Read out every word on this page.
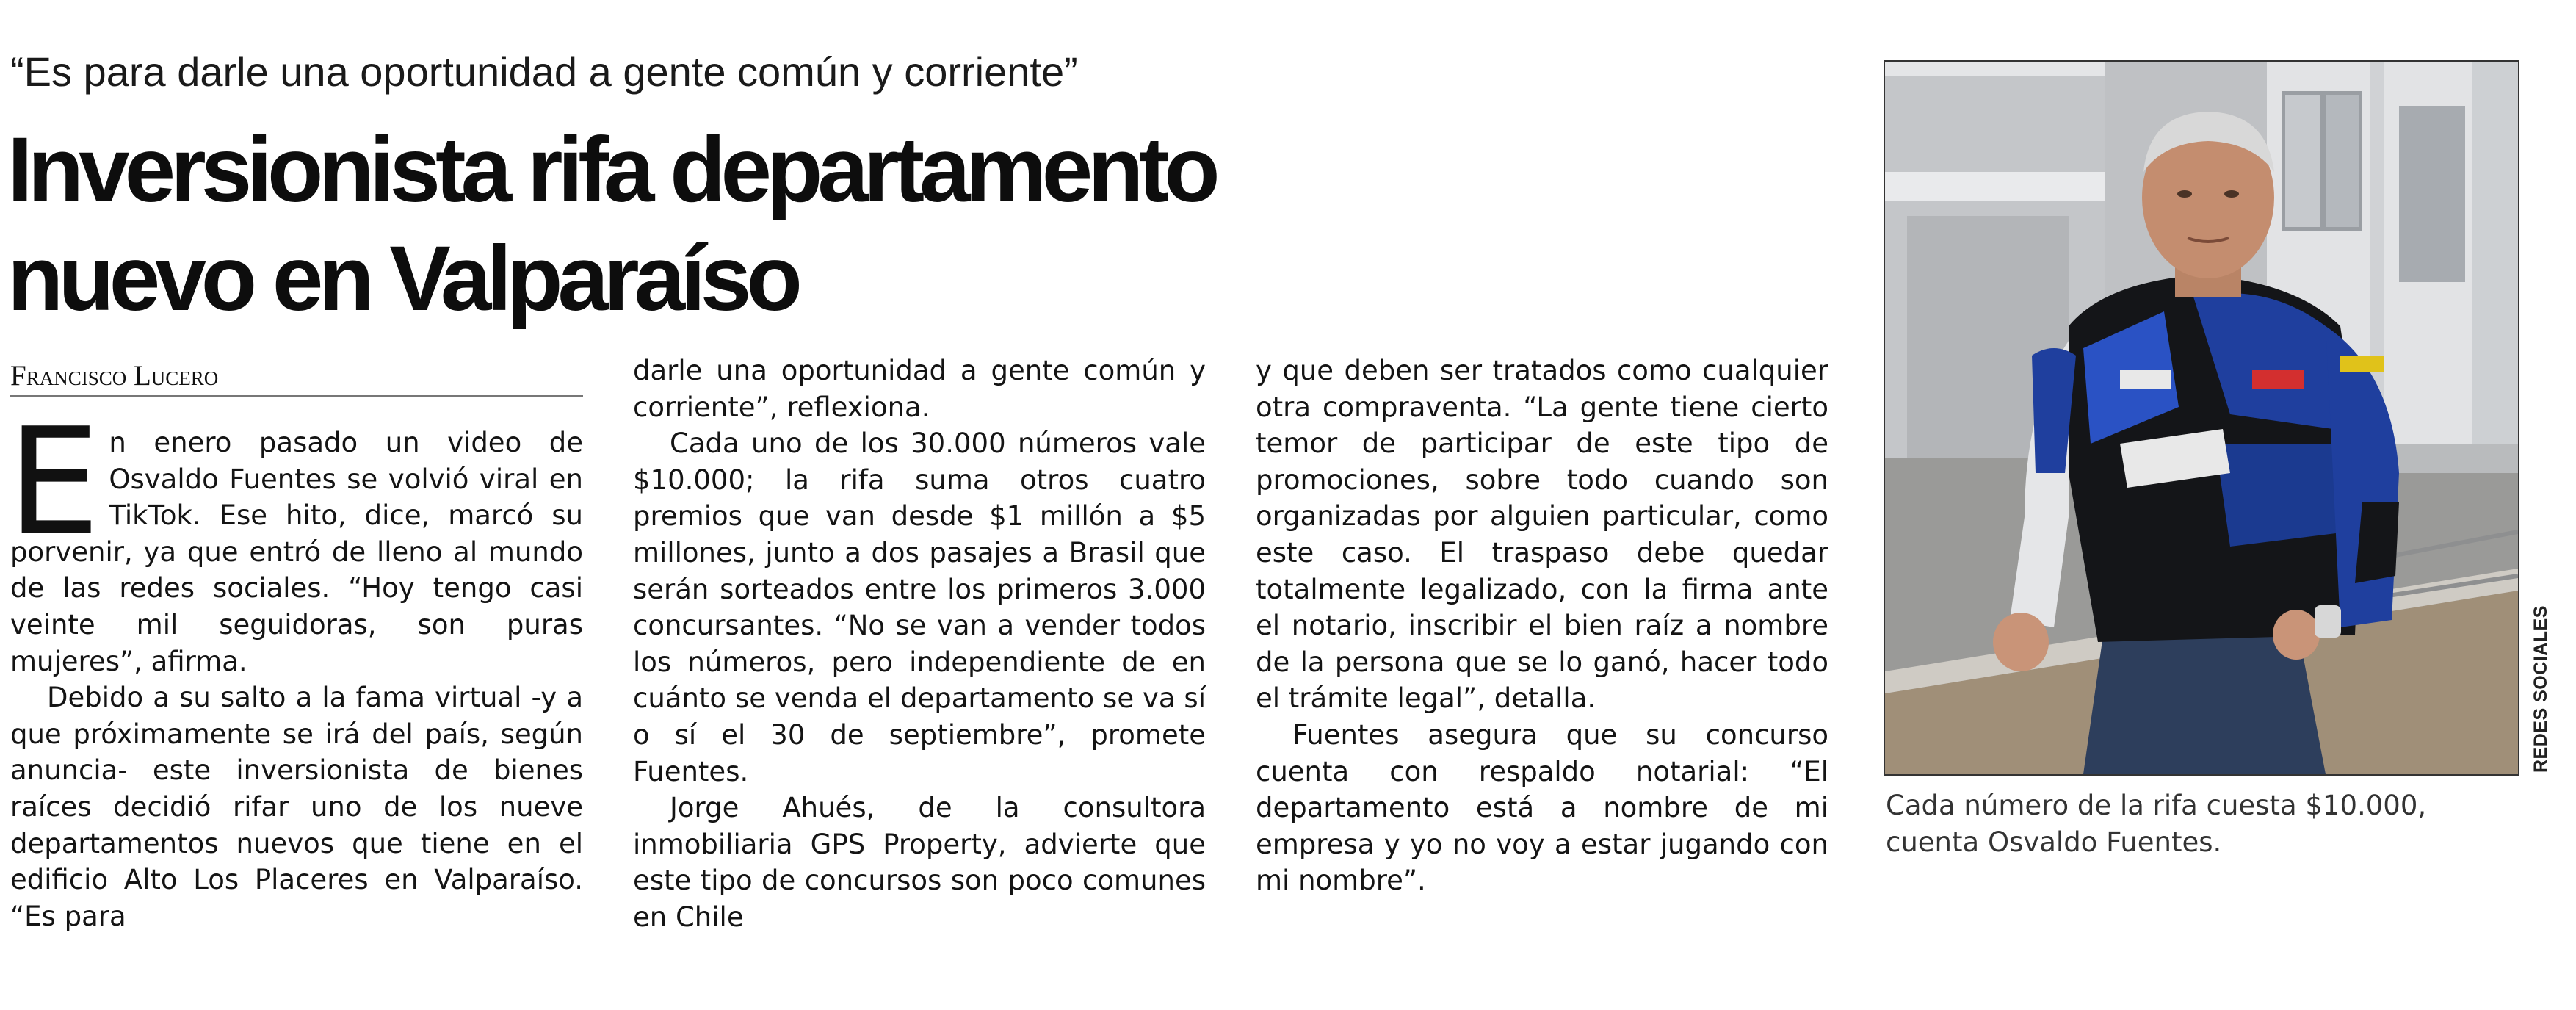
“Es para darle una oportunidad a gente común y corriente”
Inversionista rifa departamento
nuevo en Valparaíso
Francisco Lucero

En enero pasado un video de Osvaldo Fuentes se volvió viral en TikTok. Ese hito, dice, marcó su porvenir, ya que entró de lleno al mundo de las redes sociales. “Hoy tengo casi veinte mil seguidoras, son puras mujeres”, afirma.

Debido a su salto a la fama virtual -y a que próximamente se irá del país, según anuncia- este inversionista de bienes raíces decidió rifar uno de los nueve departamentos nuevos que tiene en el edificio Alto Los Placeres en Valparaíso. “Es para

darle una oportunidad a gente común y corriente”, reflexiona.

Cada uno de los 30.000 números vale $10.000; la rifa suma otros cuatro premios que van desde $1 millón a $5 millones, junto a dos pasajes a Brasil que serán sorteados entre los primeros 3.000 concursantes. “No se van a vender todos los números, pero independiente de en cuánto se venda el departamento se va sí o sí el 30 de septiembre”, promete Fuentes.

Jorge Ahués, de la consultora inmobiliaria GPS Property, advierte que este tipo de concursos son poco comunes en Chile

y que deben ser tratados como cualquier otra compraventa. “La gente tiene cierto temor de participar de este tipo de promociones, sobre todo cuando son organizadas por alguien particular, como este caso. El traspaso debe quedar totalmente legalizado, con la firma ante el notario, inscribir el bien raíz a nombre de la persona que se lo ganó, hacer todo el trámite legal”, detalla.

Fuentes asegura que su concurso cuenta con respaldo notarial: “El departamento está a nombre de mi empresa y yo no voy a estar jugando con mi nombre”.

REDES SOCIALES
Cada número de la rifa cuesta $10.000,
cuenta Osvaldo Fuentes.
